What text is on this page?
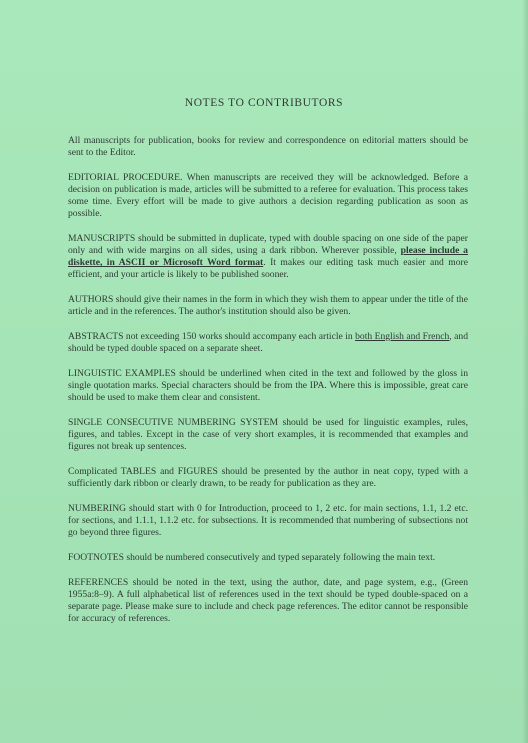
NOTES TO CONTRIBUTORS

All manuscripts for publication, books for review and correspondence on editorial matters should be sent to the Editor.

EDITORIAL PROCEDURE. When manuscripts are received they will be acknowledged. Before a decision on publication is made, articles will be submitted to a referee for evaluation. This process takes some time. Every effort will be made to give authors a decision regarding publication as soon as possible.

MANUSCRIPTS should be submitted in duplicate, typed with double spacing on one side of the paper only and with wide margins on all sides, using a dark ribbon. Wherever possible, please include a diskette, in ASCII or Microsoft Word format. It makes our editing task much easier and more efficient, and your article is likely to be published sooner.

AUTHORS should give their names in the form in which they wish them to appear under the title of the article and in the references. The author's institution should also be given.

ABSTRACTS not exceeding 150 works should accompany each article in both English and French, and should be typed double spaced on a separate sheet.

LINGUISTIC EXAMPLES should be underlined when cited in the text and followed by the gloss in single quotation marks. Special characters should be from the IPA. Where this is impossible, great care should be used to make them clear and consistent.

SINGLE CONSECUTIVE NUMBERING SYSTEM should be used for linguistic examples, rules, figures, and tables. Except in the case of very short examples, it is recommended that examples and figures not break up sentences.

Complicated TABLES and FIGURES should be presented by the author in neat copy, typed with a sufficiently dark ribbon or clearly drawn, to be ready for publication as they are.

NUMBERING should start with 0 for Introduction, proceed to 1, 2 etc. for main sections, 1.1, 1.2 etc. for sections, and 1.1.1, 1.1.2 etc. for subsections. It is recommended that numbering of subsections not go beyond three figures.

FOOTNOTES should be numbered consecutively and typed separately following the main text.

REFERENCES should be noted in the text, using the author, date, and page system, e.g., (Green 1955a:8–9). A full alphabetical list of references used in the text should be typed double-spaced on a separate page. Please make sure to include and check page references. The editor cannot be responsible for accuracy of references.
